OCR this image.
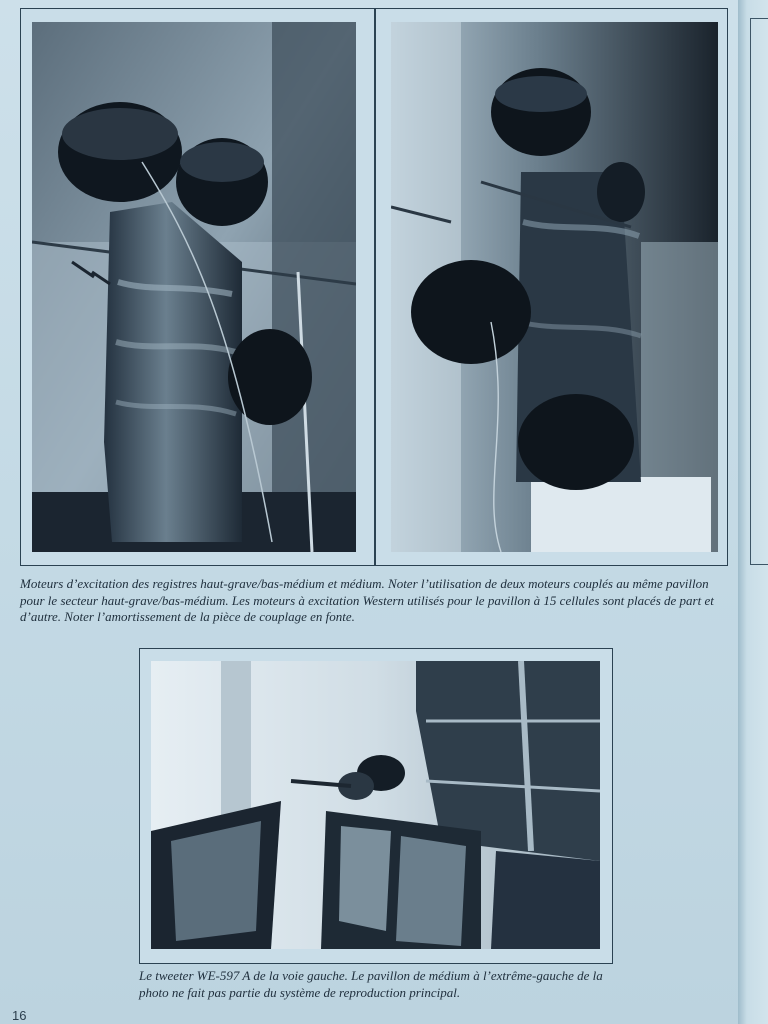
Moteurs d’excitation des registres haut-grave/bas-médium et médium. Noter l’utilisation de deux moteurs couplés au même pavillon pour le secteur haut-grave/bas-médium. Les moteurs à excitation Western utilisés pour le pavillon à 15 cellules sont placés de part et d’autre. Noter l’amortissement de la pièce de couplage en fonte.

Le tweeter WE-597 A de la voie gauche. Le pavillon de médium à l’extrême-gauche de la photo ne fait pas partie du système de reproduction principal.

16
